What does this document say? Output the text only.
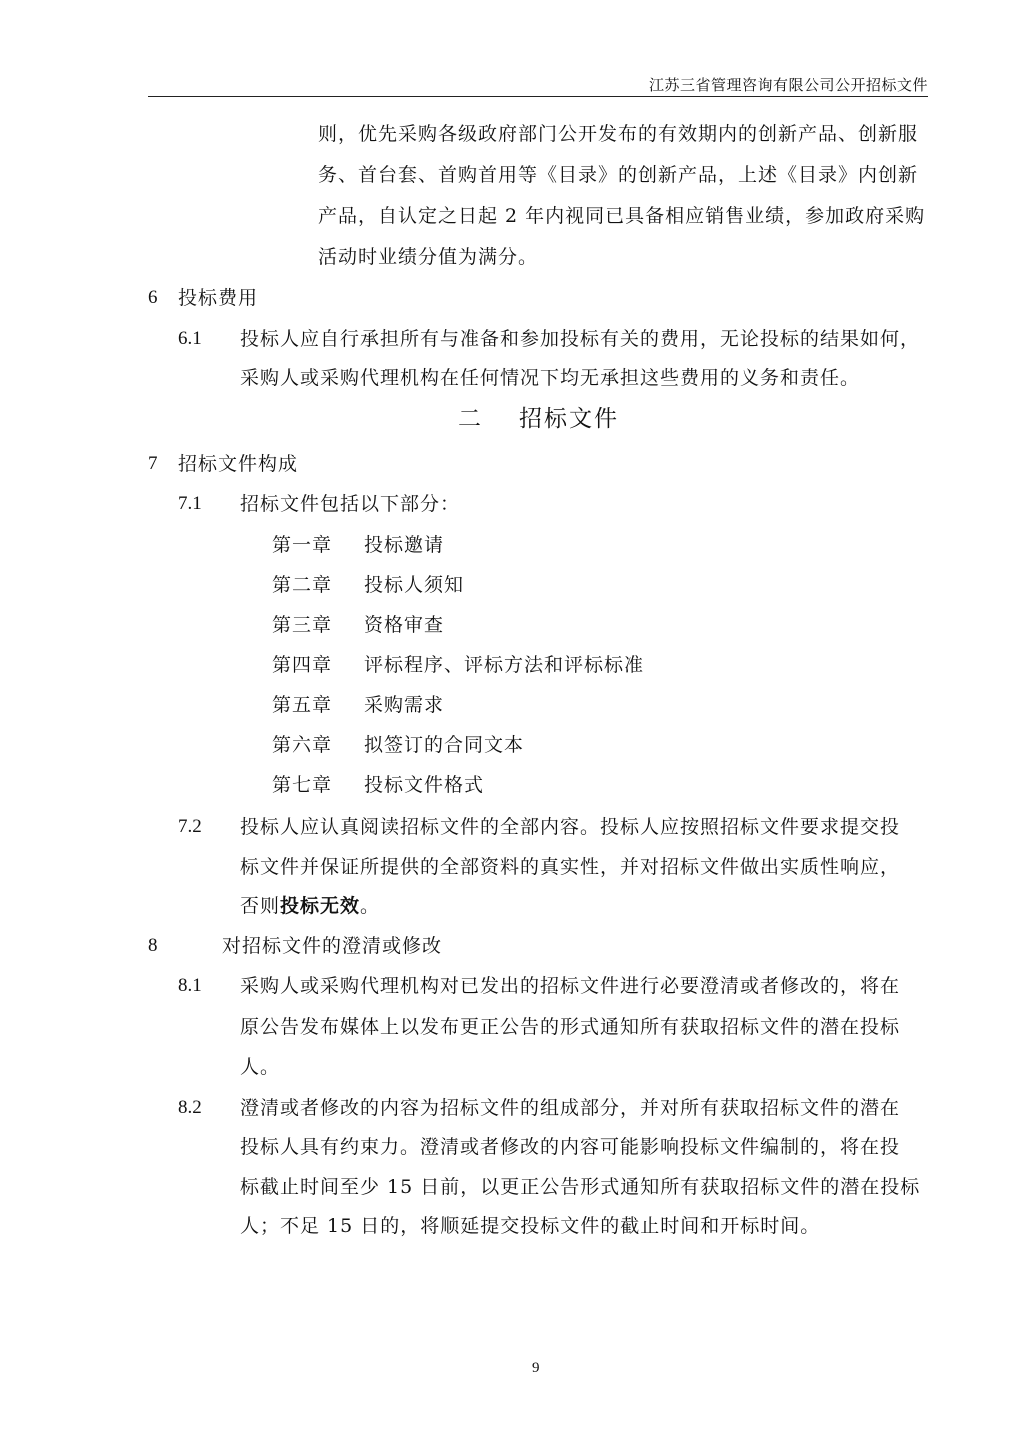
江苏三省管理咨询有限公司公开招标文件
则，优先采购各级政府部门公开发布的有效期内的创新产品、创新服
务、首台套、首购首用等《目录》的创新产品，上述《目录》内创新
产品，自认定之日起 2 年内视同已具备相应销售业绩，参加政府采购
活动时业绩分值为满分。
6 投标费用
6.1 投标人应自行承担所有与准备和参加投标有关的费用，无论投标的结果如何，
采购人或采购代理机构在任何情况下均无承担这些费用的义务和责任。
二 招标文件
7 招标文件构成
7.1 招标文件包括以下部分：
第一章 投标邀请
第二章 投标人须知
第三章 资格审查
第四章 评标程序、评标方法和评标标准
第五章 采购需求
第六章 拟签订的合同文本
第七章 投标文件格式
7.2 投标人应认真阅读招标文件的全部内容。投标人应按照招标文件要求提交投
标文件并保证所提供的全部资料的真实性，并对招标文件做出实质性响应，
否则投标无效。
8	对招标文件的澄清或修改
8.1 采购人或采购代理机构对已发出的招标文件进行必要澄清或者修改的，将在
原公告发布媒体上以发布更正公告的形式通知所有获取招标文件的潜在投标
人。
8.2 澄清或者修改的内容为招标文件的组成部分，并对所有获取招标文件的潜在
投标人具有约束力。澄清或者修改的内容可能影响投标文件编制的，将在投
标截止时间至少 15 日前，以更正公告形式通知所有获取招标文件的潜在投标
人；不足 15 日的，将顺延提交投标文件的截止时间和开标时间。
9
